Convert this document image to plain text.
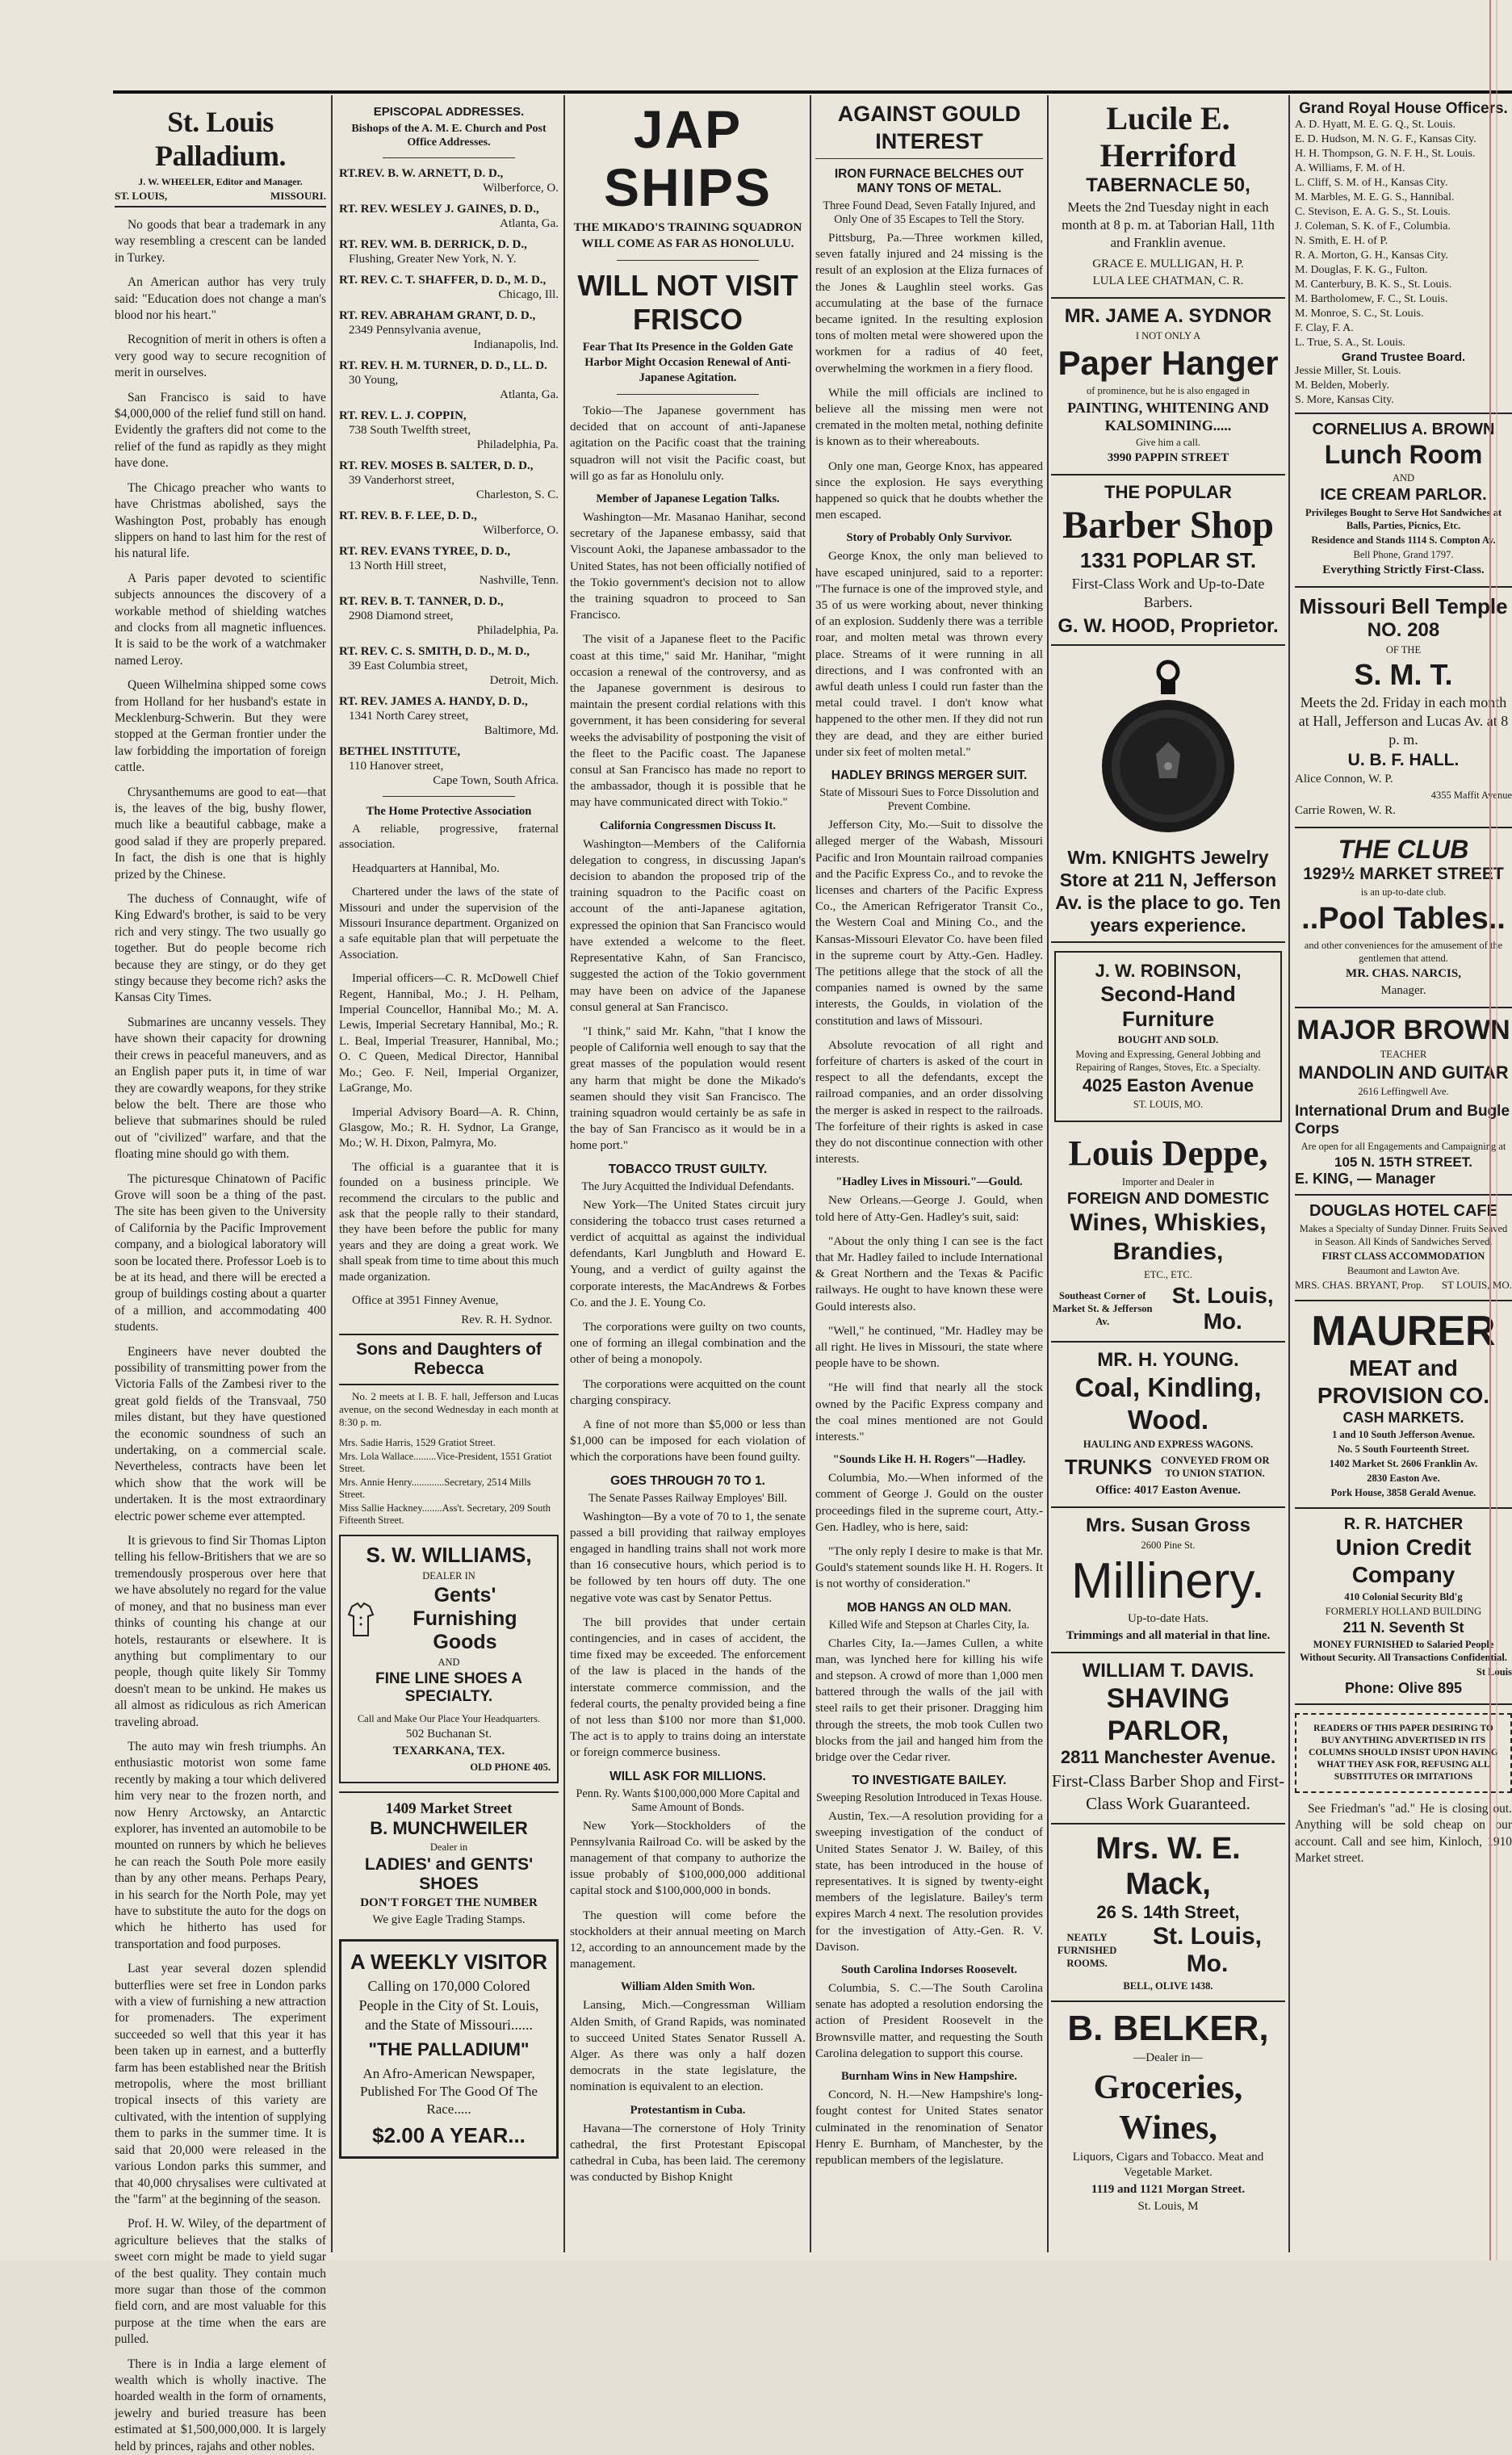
St. Louis Palladium.
J. W. WHEELER, Editor and Manager.
ST. LOUIS,	MISSOURI.

No goods that bear a trademark in any way resembling a crescent can be landed in Turkey.

An American author has very truly said: "Education does not change a man's blood nor his heart."

Recognition of merit in others is often a very good way to secure recognition of merit in ourselves.

San Francisco is said to have $4,000,000 of the relief fund still on hand. Evidently the grafters did not come to the relief of the fund as rapidly as they might have done.

The Chicago preacher who wants to have Christmas abolished, says the Washington Post, probably has enough slippers on hand to last him for the rest of his natural life.

A Paris paper devoted to scientific subjects announces the discovery of a workable method of shielding watches and clocks from all magnetic influences. It is said to be the work of a watchmaker named Leroy.

Queen Wilhelmina shipped some cows from Holland for her husband's estate in Mecklenburg-Schwerin. But they were stopped at the German frontier under the law forbidding the importation of foreign cattle.

Chrysanthemums are good to eat—that is, the leaves of the big, bushy flower, much like a beautiful cabbage, make a good salad if they are properly prepared. In fact, the dish is one that is highly prized by the Chinese.

The duchess of Connaught, wife of King Edward's brother, is said to be very rich and very stingy. The two usually go together. But do people become rich because they are stingy, or do they get stingy because they become rich? asks the Kansas City Times.

Submarines are uncanny vessels. They have shown their capacity for drowning their crews in peaceful maneuvers, and as an English paper puts it, in time of war they are cowardly weapons, for they strike below the belt. There are those who believe that submarines should be ruled out of "civilized" warfare, and that the floating mine should go with them.

The picturesque Chinatown of Pacific Grove will soon be a thing of the past. The site has been given to the University of California by the Pacific Improvement company, and a biological laboratory will soon be located there. Professor Loeb is to be at its head, and there will be erected a group of buildings costing about a quarter of a million, and accommodating 400 students.

Engineers have never doubted the possibility of transmitting power from the Victoria Falls of the Zambesi river to the great gold fields of the Transvaal, 750 miles distant, but they have questioned the economic soundness of such an undertaking, on a commercial scale. Nevertheless, contracts have been let which show that the work will be undertaken. It is the most extraordinary electric power scheme ever attempted.

It is grievous to find Sir Thomas Lipton telling his fellow-Britishers that we are so tremendously prosperous over here that we have absolutely no regard for the value of money, and that no business man ever thinks of counting his change at our hotels, restaurants or elsewhere. It is anything but complimentary to our people, though quite likely Sir Tommy doesn't mean to be unkind. He makes us all almost as ridiculous as rich American traveling abroad.

The auto may win fresh triumphs. An enthusiastic motorist won some fame recently by making a tour which delivered him very near to the frozen north, and now Henry Arctowsky, an Antarctic explorer, has invented an automobile to be mounted on runners by which he believes he can reach the South Pole more easily than by any other means. Perhaps Peary, in his search for the North Pole, may yet have to substitute the auto for the dogs on which he hitherto has used for transportation and food purposes.

Last year several dozen splendid butterflies were set free in London parks with a view of furnishing a new attraction for promenaders. The experiment succeeded so well that this year it has been taken up in earnest, and a butterfly farm has been established near the British metropolis, where the most brilliant tropical insects of this variety are cultivated, with the intention of supplying them to parks in the summer time. It is said that 20,000 were released in the various London parks this summer, and that 40,000 chrysalises were cultivated at the "farm" at the beginning of the season.

Prof. H. W. Wiley, of the department of agriculture believes that the stalks of sweet corn might be made to yield sugar of the best quality. They contain much more sugar than those of the common field corn, and are most valuable for this purpose at the time when the ears are pulled.

There is in India a large element of wealth which is wholly inactive. The hoarded wealth in the form of ornaments, jewelry and buried treasure has been estimated at $1,500,000,000. It is largely held by princes, rajahs and other nobles.

EPISCOPAL ADDRESSES.
Bishops of the A. M. E. Church and Post Office Addresses.
RT.REV. B. W. ARNETT, D. D.,
Wilberforce, O.
RT. REV. WESLEY J. GAINES, D. D.,
Atlanta, Ga.
RT. REV. WM. B. DERRICK, D. D.,
Flushing, Greater New York, N. Y.
RT. REV. C. T. SHAFFER, D. D., M. D.,
Chicago, Ill.
RT. REV. ABRAHAM GRANT, D. D.,
2349 Pennsylvania avenue,
Indianapolis, Ind.
RT. REV. H. M. TURNER, D. D., LL. D.
30 Young,
Atlanta, Ga.
RT. REV. L. J. COPPIN,
738 South Twelfth street,
Philadelphia, Pa.
RT. REV. MOSES B. SALTER, D. D.,
39 Vanderhorst street,
Charleston, S. C.
RT. REV. B. F. LEE, D. D.,
Wilberforce, O.
RT. REV. EVANS TYREE, D. D.,
13 North Hill street,
Nashville, Tenn.
RT. REV. B. T. TANNER, D. D.,
2908 Diamond street,
Philadelphia, Pa.
RT. REV. C. S. SMITH, D. D., M. D.,
39 East Columbia street,
Detroit, Mich.
RT. REV. JAMES A. HANDY, D. D.,
1341 North Carey street,
Baltimore, Md.
BETHEL INSTITUTE,
110 Hanover street,
Cape Town, South Africa.
The Home Protective Association

A reliable, progressive, fraternal association.

Headquarters at Hannibal, Mo.

Chartered under the laws of the state of Missouri and under the supervision of the Missouri Insurance department. Organized on a safe equitable plan that will perpetuate the Association.

Imperial officers—C. R. McDowell Chief Regent, Hannibal, Mo.; J. H. Pelham, Imperial Councellor, Hannibal Mo.; M. A. Lewis, Imperial Secretary Hannibal, Mo.; R. L. Beal, Imperial Treasurer, Hannibal, Mo.; O. C Queen, Medical Director, Hannibal Mo.; Geo. F. Neil, Imperial Organizer, LaGrange, Mo.

Imperial Advisory Board—A. R. Chinn, Glasgow, Mo.; R. H. Sydnor, La Grange, Mo.; W. H. Dixon, Palmyra, Mo.

The official is a guarantee that it is founded on a business principle. We recommend the circulars to the public and ask that the people rally to their standard, they have been before the public for many years and they are doing a great work. We shall speak from time to time about this much made organization.

Office at 3951 Finney Avenue,

Rev. R. H. Sydnor.
Sons and Daughters of Rebecca

No. 2 meets at I. B. F. hall, Jefferson and Lucas avenue, on the second Wednesday in each month at 8:30 p. m.

Mrs. Sadie Harris, 1529 Gratiot Street.
Mrs. Lola Wallace.........Vice-President, 1551 Gratiot Street.
Mrs. Annie Henry.............Secretary, 2514 Mills Street.
Miss Sallie Hackney........Ass't. Secretary, 209 South Fifteenth Street.
S. W. WILLIAMS,
DEALER IN
Gents' Furnishing Goods
AND
FINE LINE SHOES A SPECIALTY.
Call and Make Our Place Your Headquarters.
502 Buchanan St.
TEXARKANA, TEX.
OLD PHONE 405.
1409 Market Street
B. MUNCHWEILER
Dealer in
LADIES' and GENTS' SHOES
DON'T FORGET THE NUMBER
We give Eagle Trading Stamps.
A WEEKLY VISITOR
Calling on 170,000 Colored People in the City of St. Louis, and the State of Missouri......
"THE PALLADIUM"
An Afro-American Newspaper, Published For The Good Of The Race.....
$2.00 A YEAR...
JAP SHIPS
THE MIKADO'S TRAINING SQUADRON WILL COME AS FAR AS HONOLULU.
WILL NOT VISIT FRISCO
Fear That Its Presence in the Golden Gate Harbor Might Occasion Renewal of Anti-Japanese Agitation.

Tokio—The Japanese government has decided that on account of anti-Japanese agitation on the Pacific coast that the training squadron will not visit the Pacific coast, but will go as far as Honolulu only.

Member of Japanese Legation Talks.

Washington—Mr. Masanao Hanihar, second secretary of the Japanese embassy, said that Viscount Aoki, the Japanese ambassador to the United States, has not been officially notified of the Tokio government's decision not to allow the training squadron to proceed to San Francisco.

The visit of a Japanese fleet to the Pacific coast at this time," said Mr. Hanihar, "might occasion a renewal of the controversy, and as the Japanese government is desirous to maintain the present cordial relations with this government, it has been considering for several weeks the advisability of postponing the visit of the fleet to the Pacific coast. The Japanese consul at San Francisco has made no report to the ambassador, though it is possible that he may have communicated direct with Tokio."

California Congressmen Discuss It.

Washington—Members of the California delegation to congress, in discussing Japan's decision to abandon the proposed trip of the training squadron to the Pacific coast on account of the anti-Japanese agitation, expressed the opinion that San Francisco would have extended a welcome to the fleet. Representative Kahn, of San Francisco, suggested the action of the Tokio government may have been on advice of the Japanese consul general at San Francisco.

"I think," said Mr. Kahn, "that I know the people of California well enough to say that the great masses of the population would resent any harm that might be done the Mikado's seamen should they visit San Francisco. The training squadron would certainly be as safe in the bay of San Francisco as it would be in a home port."

TOBACCO TRUST GUILTY.
The Jury Acquitted the Individual Defendants.

New York—The United States circuit jury considering the tobacco trust cases returned a verdict of acquittal as against the individual defendants, Karl Jungbluth and Howard E. Young, and a verdict of guilty against the corporate interests, the MacAndrews & Forbes Co. and the J. E. Young Co.

The corporations were guilty on two counts, one of forming an illegal combination and the other of being a monopoly.

The corporations were acquitted on the count charging conspiracy.

A fine of not more than $5,000 or less than $1,000 can be imposed for each violation of which the corporations have been found guilty.

GOES THROUGH 70 TO 1.
The Senate Passes Railway Employes' Bill.

Washington—By a vote of 70 to 1, the senate passed a bill providing that railway employes engaged in handling trains shall not work more than 16 consecutive hours, which period is to be followed by ten hours off duty. The one negative vote was cast by Senator Pettus.

The bill provides that under certain contingencies, and in cases of accident, the time fixed may be exceeded. The enforcement of the law is placed in the hands of the interstate commerce commission, and the federal courts, the penalty provided being a fine of not less than $100 nor more than $1,000. The act is to apply to trains doing an interstate or foreign commerce business.

WILL ASK FOR MILLIONS.
Penn. Ry. Wants $100,000,000 More Capital and Same Amount of Bonds.

New York—Stockholders of the Pennsylvania Railroad Co. will be asked by the management of that company to authorize the issue probably of $100,000,000 additional capital stock and $100,000,000 in bonds.

The question will come before the stockholders at their annual meeting on March 12, according to an announcement made by the management.

William Alden Smith Won.

Lansing, Mich.—Congressman William Alden Smith, of Grand Rapids, was nominated to succeed United States Senator Russell A. Alger. As there was only a half dozen democrats in the state legislature, the nomination is equivalent to an election.

Protestantism in Cuba.

Havana—The cornerstone of Holy Trinity cathedral, the first Protestant Episcopal cathedral in Cuba, has been laid. The ceremony was conducted by Bishop Knight

AGAINST GOULD INTEREST
IRON FURNACE BELCHES OUT MANY TONS OF METAL.
Three Found Dead, Seven Fatally Injured, and Only One of 35 Escapes to Tell the Story.

Pittsburg, Pa.—Three workmen killed, seven fatally injured and 24 missing is the result of an explosion at the Eliza furnaces of the Jones & Laughlin steel works. Gas accumulating at the base of the furnace became ignited. In the resulting explosion tons of molten metal were showered upon the workmen for a radius of 40 feet, overwhelming the workmen in a fiery flood.

While the mill officials are inclined to believe all the missing men were not cremated in the molten metal, nothing definite is known as to their whereabouts.

Only one man, George Knox, has appeared since the explosion. He says everything happened so quick that he doubts whether the men escaped.

Story of Probably Only Survivor.

George Knox, the only man believed to have escaped uninjured, said to a reporter: "The furnace is one of the improved style, and 35 of us were working about, never thinking of an explosion. Suddenly there was a terrible roar, and molten metal was thrown every place. Streams of it were running in all directions, and I was confronted with an awful death unless I could run faster than the metal could travel. I don't know what happened to the other men. If they did not run they are dead, and they are either buried under six feet of molten metal."

HADLEY BRINGS MERGER SUIT.
State of Missouri Sues to Force Dissolution and Prevent Combine.

Jefferson City, Mo.—Suit to dissolve the alleged merger of the Wabash, Missouri Pacific and Iron Mountain railroad companies and the Pacific Express Co., and to revoke the licenses and charters of the Pacific Express Co., the American Refrigerator Transit Co., the Western Coal and Mining Co., and the Kansas-Missouri Elevator Co. have been filed in the supreme court by Atty.-Gen. Hadley. The petitions allege that the stock of all the companies named is owned by the same interests, the Goulds, in violation of the constitution and laws of Missouri.

Absolute revocation of all right and forfeiture of charters is asked of the court in respect to all the defendants, except the railroad companies, and an order dissolving the merger is asked in respect to the railroads. The forfeiture of their rights is asked in case they do not discontinue connection with other interests.

"Hadley Lives in Missouri."—Gould.

New Orleans.—George J. Gould, when told here of Atty-Gen. Hadley's suit, said:

"About the only thing I can see is the fact that Mr. Hadley failed to include International & Great Northern and the Texas & Pacific railways. He ought to have known these were Gould interests also.

"Well," he continued, "Mr. Hadley may be all right. He lives in Missouri, the state where people have to be shown.

"He will find that nearly all the stock owned by the Pacific Express company and the coal mines mentioned are not Gould interests."

"Sounds Like H. H. Rogers"—Hadley.

Columbia, Mo.—When informed of the comment of George J. Gould on the ouster proceedings filed in the supreme court, Atty.-Gen. Hadley, who is here, said:

"The only reply I desire to make is that Mr. Gould's statement sounds like H. H. Rogers. It is not worthy of consideration."

MOB HANGS AN OLD MAN.
Killed Wife and Stepson at Charles City, Ia.

Charles City, Ia.—James Cullen, a white man, was lynched here for killing his wife and stepson. A crowd of more than 1,000 men battered through the walls of the jail with steel rails to get their prisoner. Dragging him through the streets, the mob took Cullen two blocks from the jail and hanged him from the bridge over the Cedar river.

TO INVESTIGATE BAILEY.
Sweeping Resolution Introduced in Texas House.

Austin, Tex.—A resolution providing for a sweeping investigation of the conduct of United States Senator J. W. Bailey, of this state, has been introduced in the house of representatives. It is signed by twenty-eight members of the legislature. Bailey's term expires March 4 next. The resolution provides for the investigation of Atty.-Gen. R. V. Davison.

South Carolina Indorses Roosevelt.

Columbia, S. C.—The South Carolina senate has adopted a resolution endorsing the action of President Roosevelt in the Brownsville matter, and requesting the South Carolina delegation to support this course.

Burnham Wins in New Hampshire.

Concord, N. H.—New Hampshire's long-fought contest for United States senator culminated in the renomination of Senator Henry E. Burnham, of Manchester, by the republican members of the legislature.

Lucile E. Herriford
TABERNACLE 50,
Meets the 2nd Tuesday night in each month at 8 p. m. at Taborian Hall, 11th and Franklin avenue.
GRACE E. MULLIGAN, H. P.
LULA LEE CHATMAN, C. R.
MR. JAME A. SYDNOR
I NOT ONLY A
Paper Hanger
of prominence, but he is also engaged in
PAINTING, WHITENING AND KALSOMINING.....
Give him a call.
3990 PAPPIN STREET
THE POPULAR
Barber Shop
1331 POPLAR ST.
First-Class Work and Up-to-Date Barbers.
G. W. HOOD, Proprietor.
Wm. KNIGHTS Jewelry Store at 211 N, Jefferson Av. is the place to go. Ten years experience.
J. W. ROBINSON,
Second-Hand Furniture
BOUGHT AND SOLD.
Moving and Expressing, General Jobbing and Repairing of Ranges, Stoves, Etc. a Specialty.
4025 Easton Avenue
ST. LOUIS, MO.
Louis Deppe,
Importer and Dealer in
FOREIGN AND DOMESTIC
Wines, Whiskies, Brandies,
ETC., ETC.
Southeast Corner of Market St. & Jefferson Av.
St. Louis, Mo.
MR. H. YOUNG.
Coal, Kindling, Wood.
HAULING AND EXPRESS WAGONS.
TRUNKS CONVEYED FROM OR TO UNION STATION.
Office: 4017 Easton Avenue.
Mrs. Susan Gross
2600 Pine St.
Millinery.
Up-to-date Hats.
Trimmings and all material in that line.
WILLIAM T. DAVIS.
SHAVING PARLOR,
2811 Manchester Avenue.
First-Class Barber Shop and First-Class Work Guaranteed.
Mrs. W. E. Mack,
26 S. 14th Street,
NEATLY FURNISHED ROOMS.
St. Louis, Mo.
BELL, OLIVE 1438.
B. BELKER,
—Dealer in—
Groceries, Wines,
Liquors, Cigars and Tobacco. Meat and Vegetable Market.
1119 and 1121 Morgan Street.
St. Louis, M
Grand Royal House Officers.
A. D. Hyatt, M. E. G. Q., St. Louis.
E. D. Hudson, M. N. G. F., Kansas City.
H. H. Thompson, G. N. F. H., St. Louis.
A. Williams, F. M. of H.
L. Cliff, S. M. of H., Kansas City.
M. Marbles, M. E. G. S., Hannibal.
C. Stevison, E. A. G. S., St. Louis.
J. Coleman, S. K. of F., Columbia.
N. Smith, E. H. of P.
R. A. Morton, G. H., Kansas City.
M. Douglas, F. K. G., Fulton.
M. Canterbury, B. K. S., St. Louis.
M. Bartholomew, F. C., St. Louis.
M. Monroe, S. C., St. Louis.
F. Clay, F. A.
L. True, S. A., St. Louis.
Grand Trustee Board.
Jessie Miller, St. Louis.
M. Belden, Moberly.
S. More, Kansas City.
CORNELIUS A. BROWN
Lunch Room
AND
ICE CREAM PARLOR.
Privileges Bought to Serve Hot Sandwiches at Balls, Parties, Picnics, Etc.
Residence and Stands 1114 S. Compton Av.
Bell Phone, Grand 1797.
Everything Strictly First-Class.
Missouri Bell Temple
NO. 208
OF THE
S. M. T.
Meets the 2d. Friday in each month at Hall, Jefferson and Lucas Av. at 8 p. m.
U. B. F. HALL.
Alice Connon, W. P.
4355 Maffit Avenue
Carrie Rowen, W. R.
THE CLUB
1929½ MARKET STREET
is an up-to-date club.
..Pool Tables..
and other conveniences for the amusement of the gentlemen that attend.
MR. CHAS. NARCIS,
Manager.
MAJOR BROWN
TEACHER
MANDOLIN AND GUITAR
2616 Leffingwell Ave.
International Drum and Bugle Corps
Are open for all Engagements and Campaigning at
105 N. 15TH STREET.
E. KING, — Manager
DOUGLAS HOTEL CAFE
Makes a Specialty of Sunday Dinner. Fruits Seaved in Season. All Kinds of Sandwiches Served.
FIRST CLASS ACCOMMODATION
Beaumont and Lawton Ave.
MRS. CHAS. BRYANT, Prop. ST LOUIS, MO.
MAURER
MEAT and PROVISION CO.
CASH MARKETS.
1 and 10 South Jefferson Avenue.
No. 5 South Fourteenth Street.
1402 Market St. 2606 Franklin Av.
2830 Easton Ave.
Pork House, 3858 Gerald Avenue.
R. R. HATCHER
Union Credit Company
410 Colonial Security Bld'g
FORMERLY HOLLAND BUILDING
211 N. Seventh St
MONEY FURNISHED to Salaried People Without Security. All Transactions Confidential.
St Louis
Phone: Olive 895
READERS OF THIS PAPER DESIRING TO BUY ANYTHING ADVERTISED IN ITS COLUMNS SHOULD INSIST UPON HAVING WHAT THEY ASK FOR, REFUSING ALL SUBSTITUTES OR IMITATIONS

See Friedman's "ad." He is closing out. Anything will be sold cheap on our account. Call and see him, Kinloch, 1910 Market street.
